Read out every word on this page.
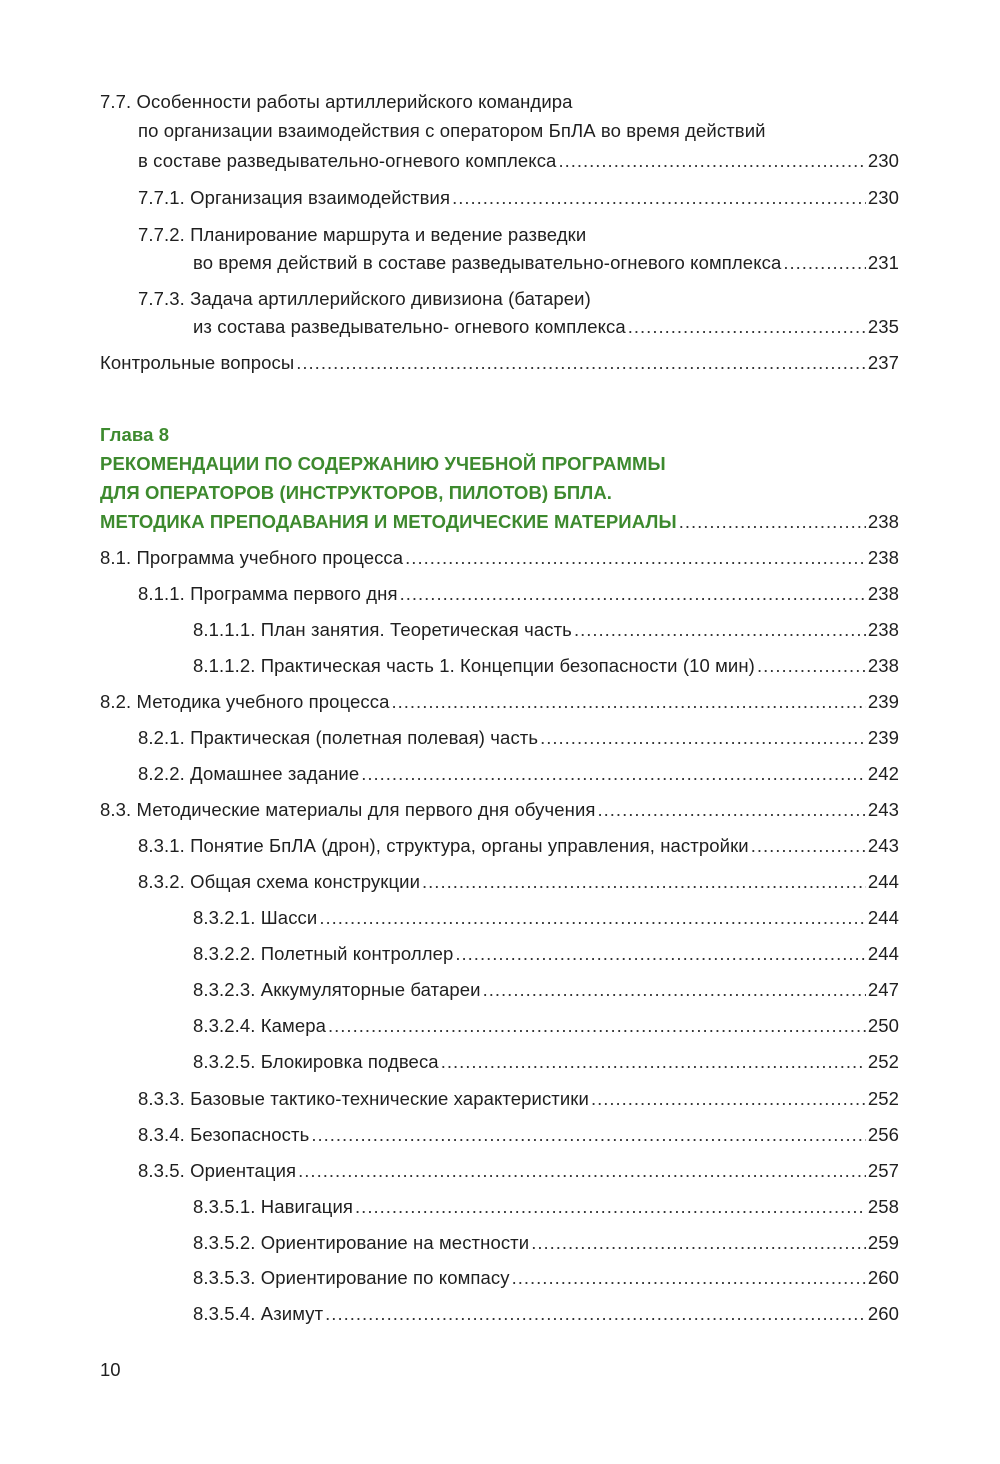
7.7. Особенности работы артиллерийского командира
по организации взаимодействия с оператором БпЛА во время действий
в составе разведывательно-огневого комплекса .....	230
7.7.1. Организация взаимодействия .....	230
7.7.2. Планирование маршрута и ведение разведки
во время действий в составе разведывательно-огневого комплекса .....	231
7.7.3. Задача артиллерийского дивизиона (батареи)
из состава разведывательно- огневого комплекса .....	235
Контрольные вопросы .....	237
Глава 8
РЕКОМЕНДАЦИИ ПО СОДЕРЖАНИЮ УЧЕБНОЙ ПРОГРАММЫ
ДЛЯ ОПЕРАТОРОВ (ИНСТРУКТОРОВ, ПИЛОТОВ) БПЛА.
МЕТОДИКА ПРЕПОДАВАНИЯ И МЕТОДИЧЕСКИЕ МАТЕРИАЛЫ .....	238
8.1. Программа учебного процесса .....	238
8.1.1. Программа первого дня .....	238
8.1.1.1. План занятия. Теоретическая часть .....	238
8.1.1.2. Практическая часть 1. Концепции безопасности (10 мин) .....	238
8.2. Методика учебного процесса .....	239
8.2.1. Практическая (полетная полевая) часть .....	239
8.2.2. Домашнее задание .....	242
8.3. Методические материалы для первого дня обучения .....	243
8.3.1. Понятие БпЛА (дрон), структура, органы управления, настройки .....	243
8.3.2. Общая схема конструкции .....	244
8.3.2.1. Шасси .....	244
8.3.2.2. Полетный контроллер .....	244
8.3.2.3. Аккумуляторные батареи .....	247
8.3.2.4. Камера .....	250
8.3.2.5. Блокировка подвеса .....	252
8.3.3. Базовые тактико-технические характеристики .....	252
8.3.4. Безопасность .....	256
8.3.5. Ориентация .....	257
8.3.5.1. Навигация .....	258
8.3.5.2. Ориентирование на местности .....	259
8.3.5.3. Ориентирование по компасу .....	260
8.3.5.4. Азимут .....	260
10
